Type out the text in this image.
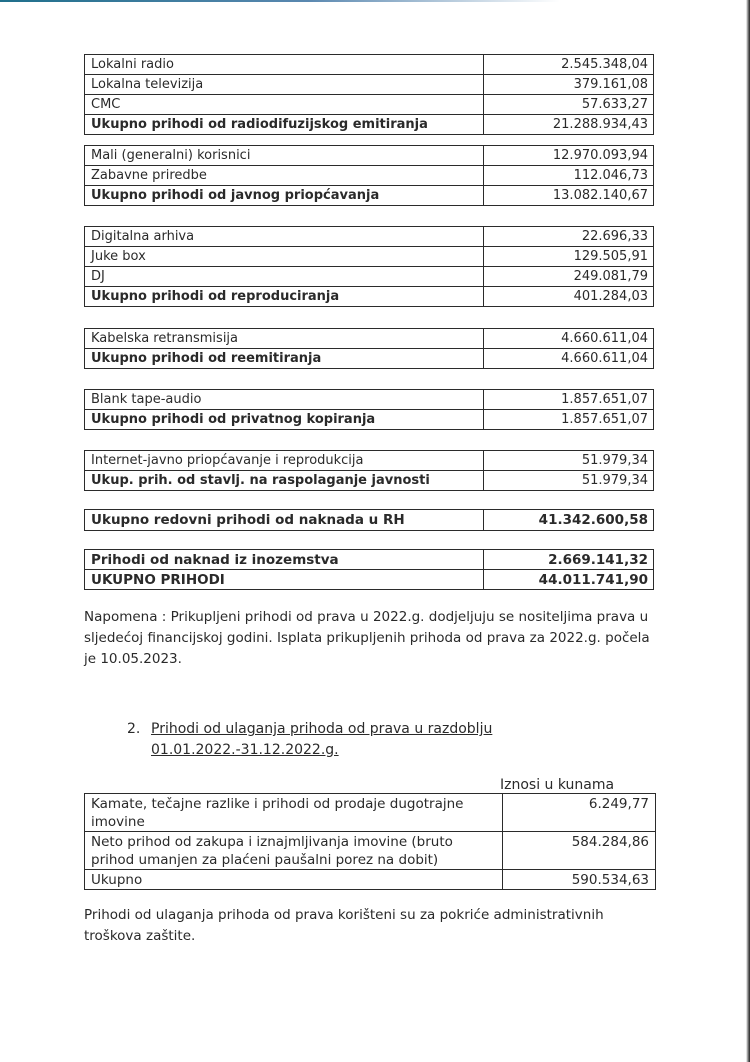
Lokalni radio	2.545.348,04
Lokalna televizija	379.161,08
CMC	57.633,27
Ukupno prihodi od radiodifuzijskog emitiranja	21.288.934,43
Mali (generalni) korisnici	12.970.093,94
Zabavne priredbe	112.046,73
Ukupno prihodi od javnog priopćavanja	13.082.140,67
Digitalna arhiva	22.696,33
Juke box	129.505,91
DJ	249.081,79
Ukupno prihodi od reproduciranja	401.284,03
Kabelska retransmisija	4.660.611,04
Ukupno prihodi od reemitiranja	4.660.611,04
Blank tape-audio	1.857.651,07
Ukupno prihodi od privatnog kopiranja	1.857.651,07
Internet-javno priopćavanje i reprodukcija	51.979,34
Ukup. prih. od stavlj. na raspolaganje javnosti	51.979,34
Ukupno redovni prihodi od naknada u RH	41.342.600,58
Prihodi od naknad iz inozemstva	2.669.141,32
UKUPNO PRIHODI	44.011.741,90
Napomena : Prikupljeni prihodi od prava u 2022.g. dodjeljuju se nositeljima prava u sljedećoj financijskoj godini. Isplata prikupljenih prihoda od prava za 2022.g. počela je 10.05.2023.
2. Prihodi od ulaganja prihoda od prava u razdoblju 01.01.2022.-31.12.2022.g.
Iznosi u kunama
Kamate, tečajne razlike i prihodi od prodaje dugotrajne imovine	6.249,77
Neto prihod od zakupa i iznajmljivanja imovine (bruto prihod umanjen za plaćeni paušalni porez na dobit)	584.284,86
Ukupno	590.534,63
Prihodi od ulaganja prihoda od prava korišteni su za pokriće administrativnih troškova zaštite.
